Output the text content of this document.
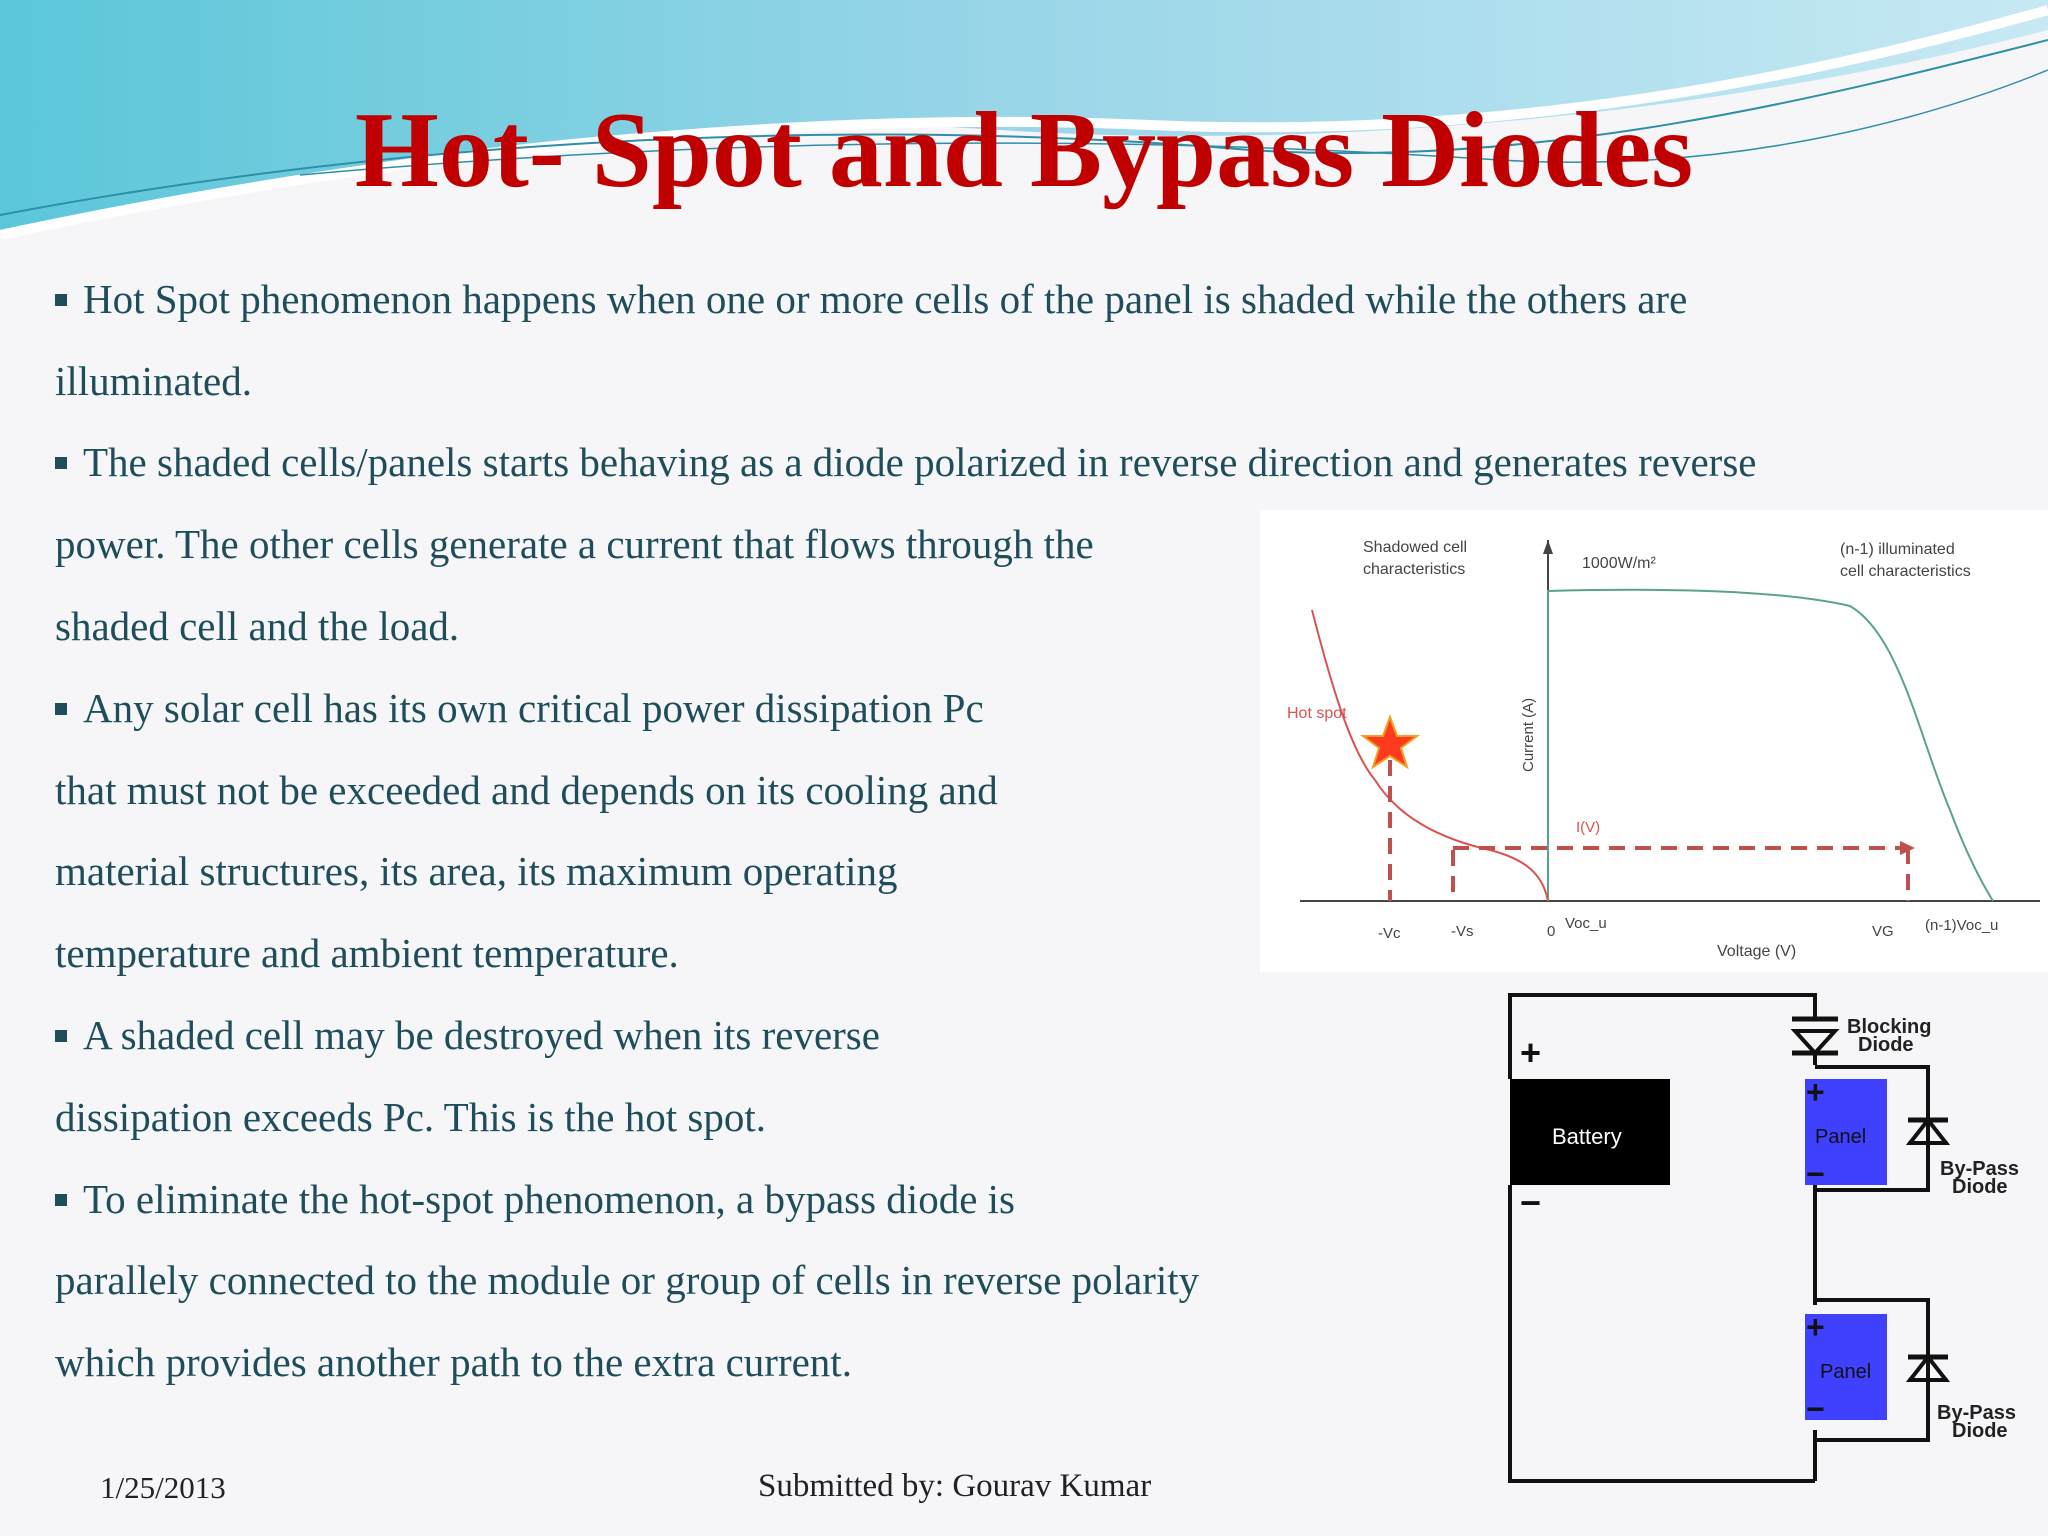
Hot- Spot and Bypass Diodes
Hot Spot phenomenon happens when one or more cells of the panel is shaded while the others are
illuminated.
The shaded cells/panels starts behaving as a diode polarized in reverse direction and generates reverse
power. The other cells generate a current that flows through the
shaded cell and the load.
Any solar cell has its own critical power dissipation Pc
that must not be exceeded and depends on its cooling and
material structures, its area, its maximum operating
temperature and ambient temperature.
A shaded cell may be destroyed when its reverse
dissipation exceeds Pc. This is the hot spot.
To eliminate the hot-spot phenomenon, a bypass diode is
parallely connected to the module or group of cells in reverse polarity
which provides another path to the extra current.
Shadowed cell
characteristics	1000W/m²
(n-1) illuminated
cell characteristics
Hot spot	Current (A)
I(V)
-Vc	-Vs	0 Voc_u	VG (n-1)Voc_u
Voltage (V)
Battery
+
−
Panel
+
−
Panel
+
−
Blocking
Diode
By-Pass
Diode
By-Pass
Diode
1/25/2013	Submitted by: Gourav Kumar
